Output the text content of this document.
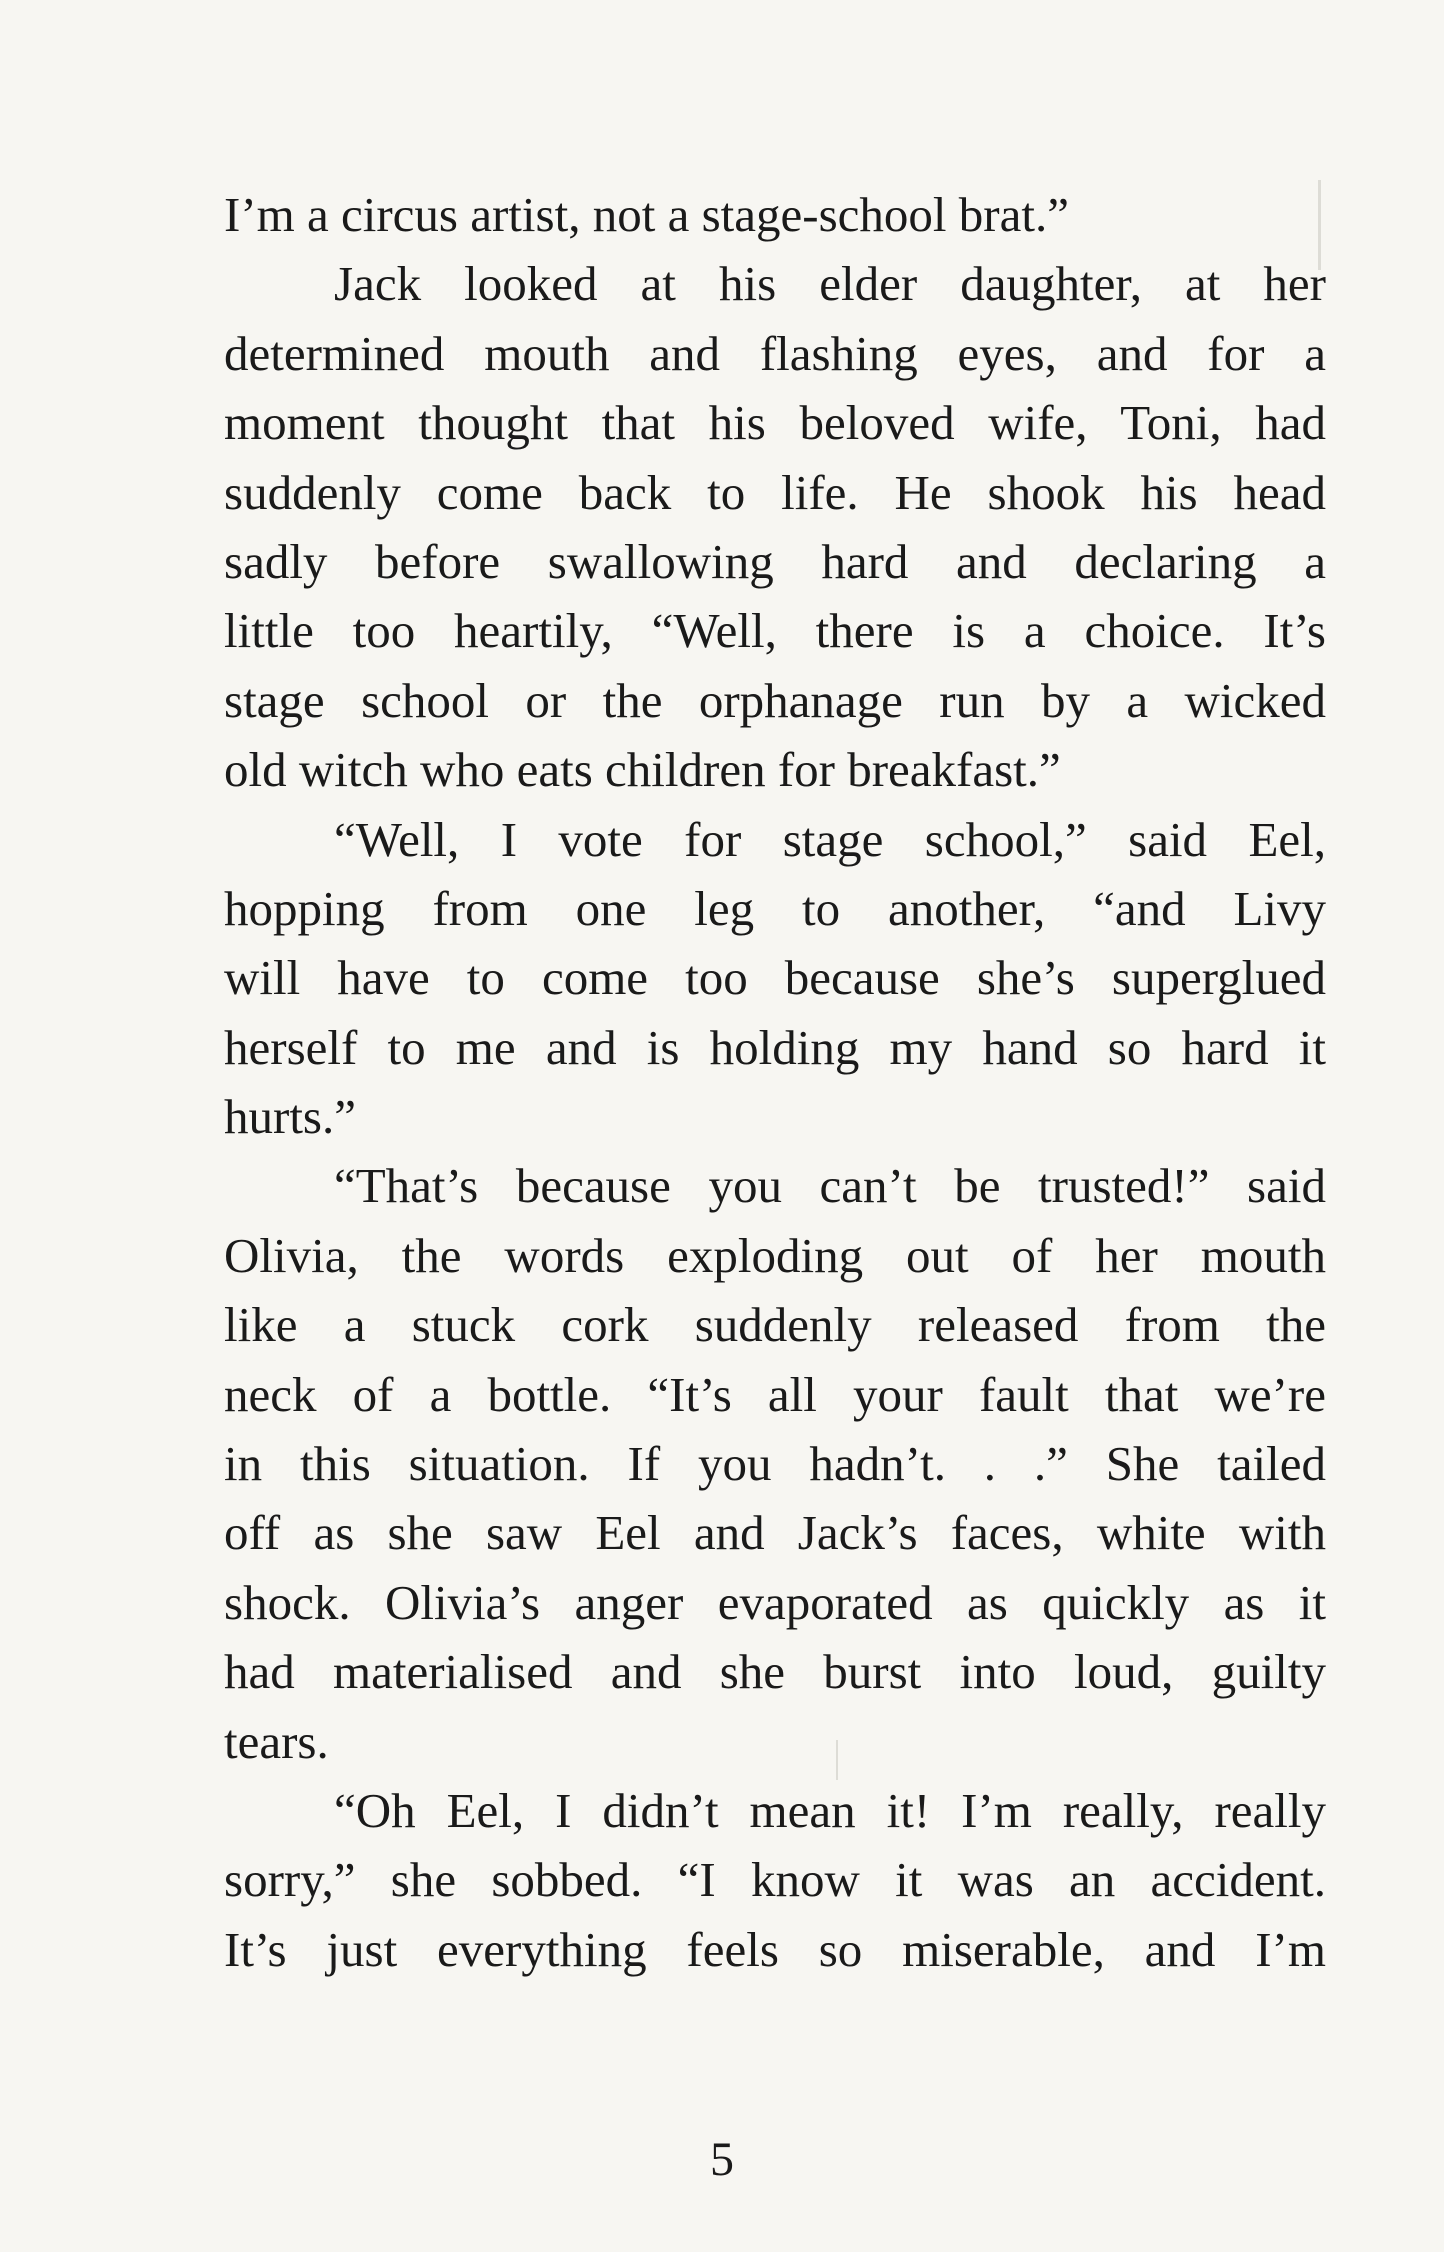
I’m a circus artist, not a stage-school brat.”
Jack looked at his elder daughter, at her
determined mouth and flashing eyes, and for a
moment thought that his beloved wife, Toni, had
suddenly come back to life. He shook his head
sadly before swallowing hard and declaring a
little too heartily, “Well, there is a choice. It’s
stage school or the orphanage run by a wicked
old witch who eats children for breakfast.”
“Well, I vote for stage school,” said Eel,
hopping from one leg to another, “and Livy
will have to come too because she’s superglued
herself to me and is holding my hand so hard it
hurts.”
“That’s because you can’t be trusted!” said
Olivia, the words exploding out of her mouth
like a stuck cork suddenly released from the
neck of a bottle. “It’s all your fault that we’re
in this situation. If you hadn’t. . .” She tailed
off as she saw Eel and Jack’s faces, white with
shock. Olivia’s anger evaporated as quickly as it
had materialised and she burst into loud, guilty
tears.
“Oh Eel, I didn’t mean it! I’m really, really
sorry,” she sobbed. “I know it was an accident.
It’s just everything feels so miserable, and I’m
5
